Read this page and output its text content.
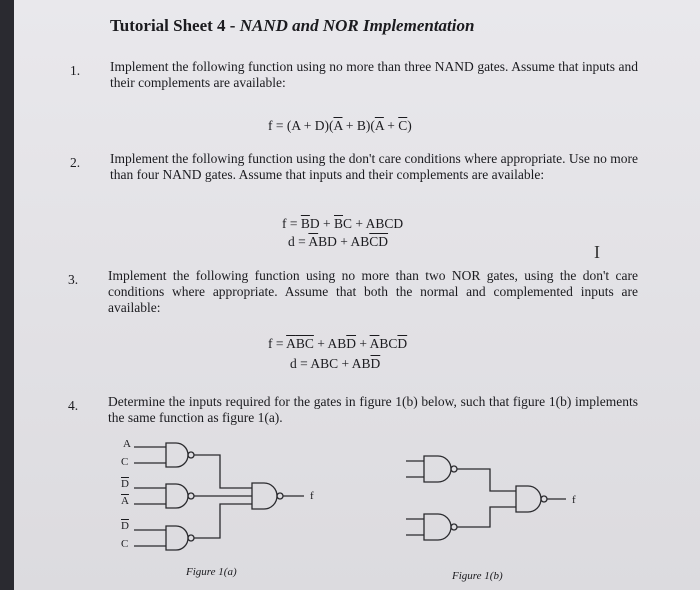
Tutorial Sheet 4 - NAND and NOR Implementation
1. Implement the following function using no more than three NAND gates. Assume that inputs and their complements are available:
$f = (A + D)(\overline{A} + B)(\overline{A} + \overline{C})$
2. Implement the following function using the don't care conditions where appropriate. Use no more than four NAND gates. Assume that inputs and their complements are available:
$f = \overline{B}D + \overline{B}C$ + ABCD
$d = \overline{A}BD + AB\overline{CD}$
I
3. Implement the following function using no more than two NOR gates, using the don't care conditions where appropriate. Assume that both the normal and complemented inputs are available:
$f = \overline{A}\overline{BC} + AB\overline{D} + \overline{A}BC\overline{D}$
d = ABC + $AB\overline{D}$
4. Determine the inputs required for the gates in figure 1(b) below, such that figure 1(b) implements the same function as figure 1(a).
A
C
$\overline{D}$
$\overline{A}$
$\overline{D}$
C
f	f
Figure 1(a)	Figure 1(b)
